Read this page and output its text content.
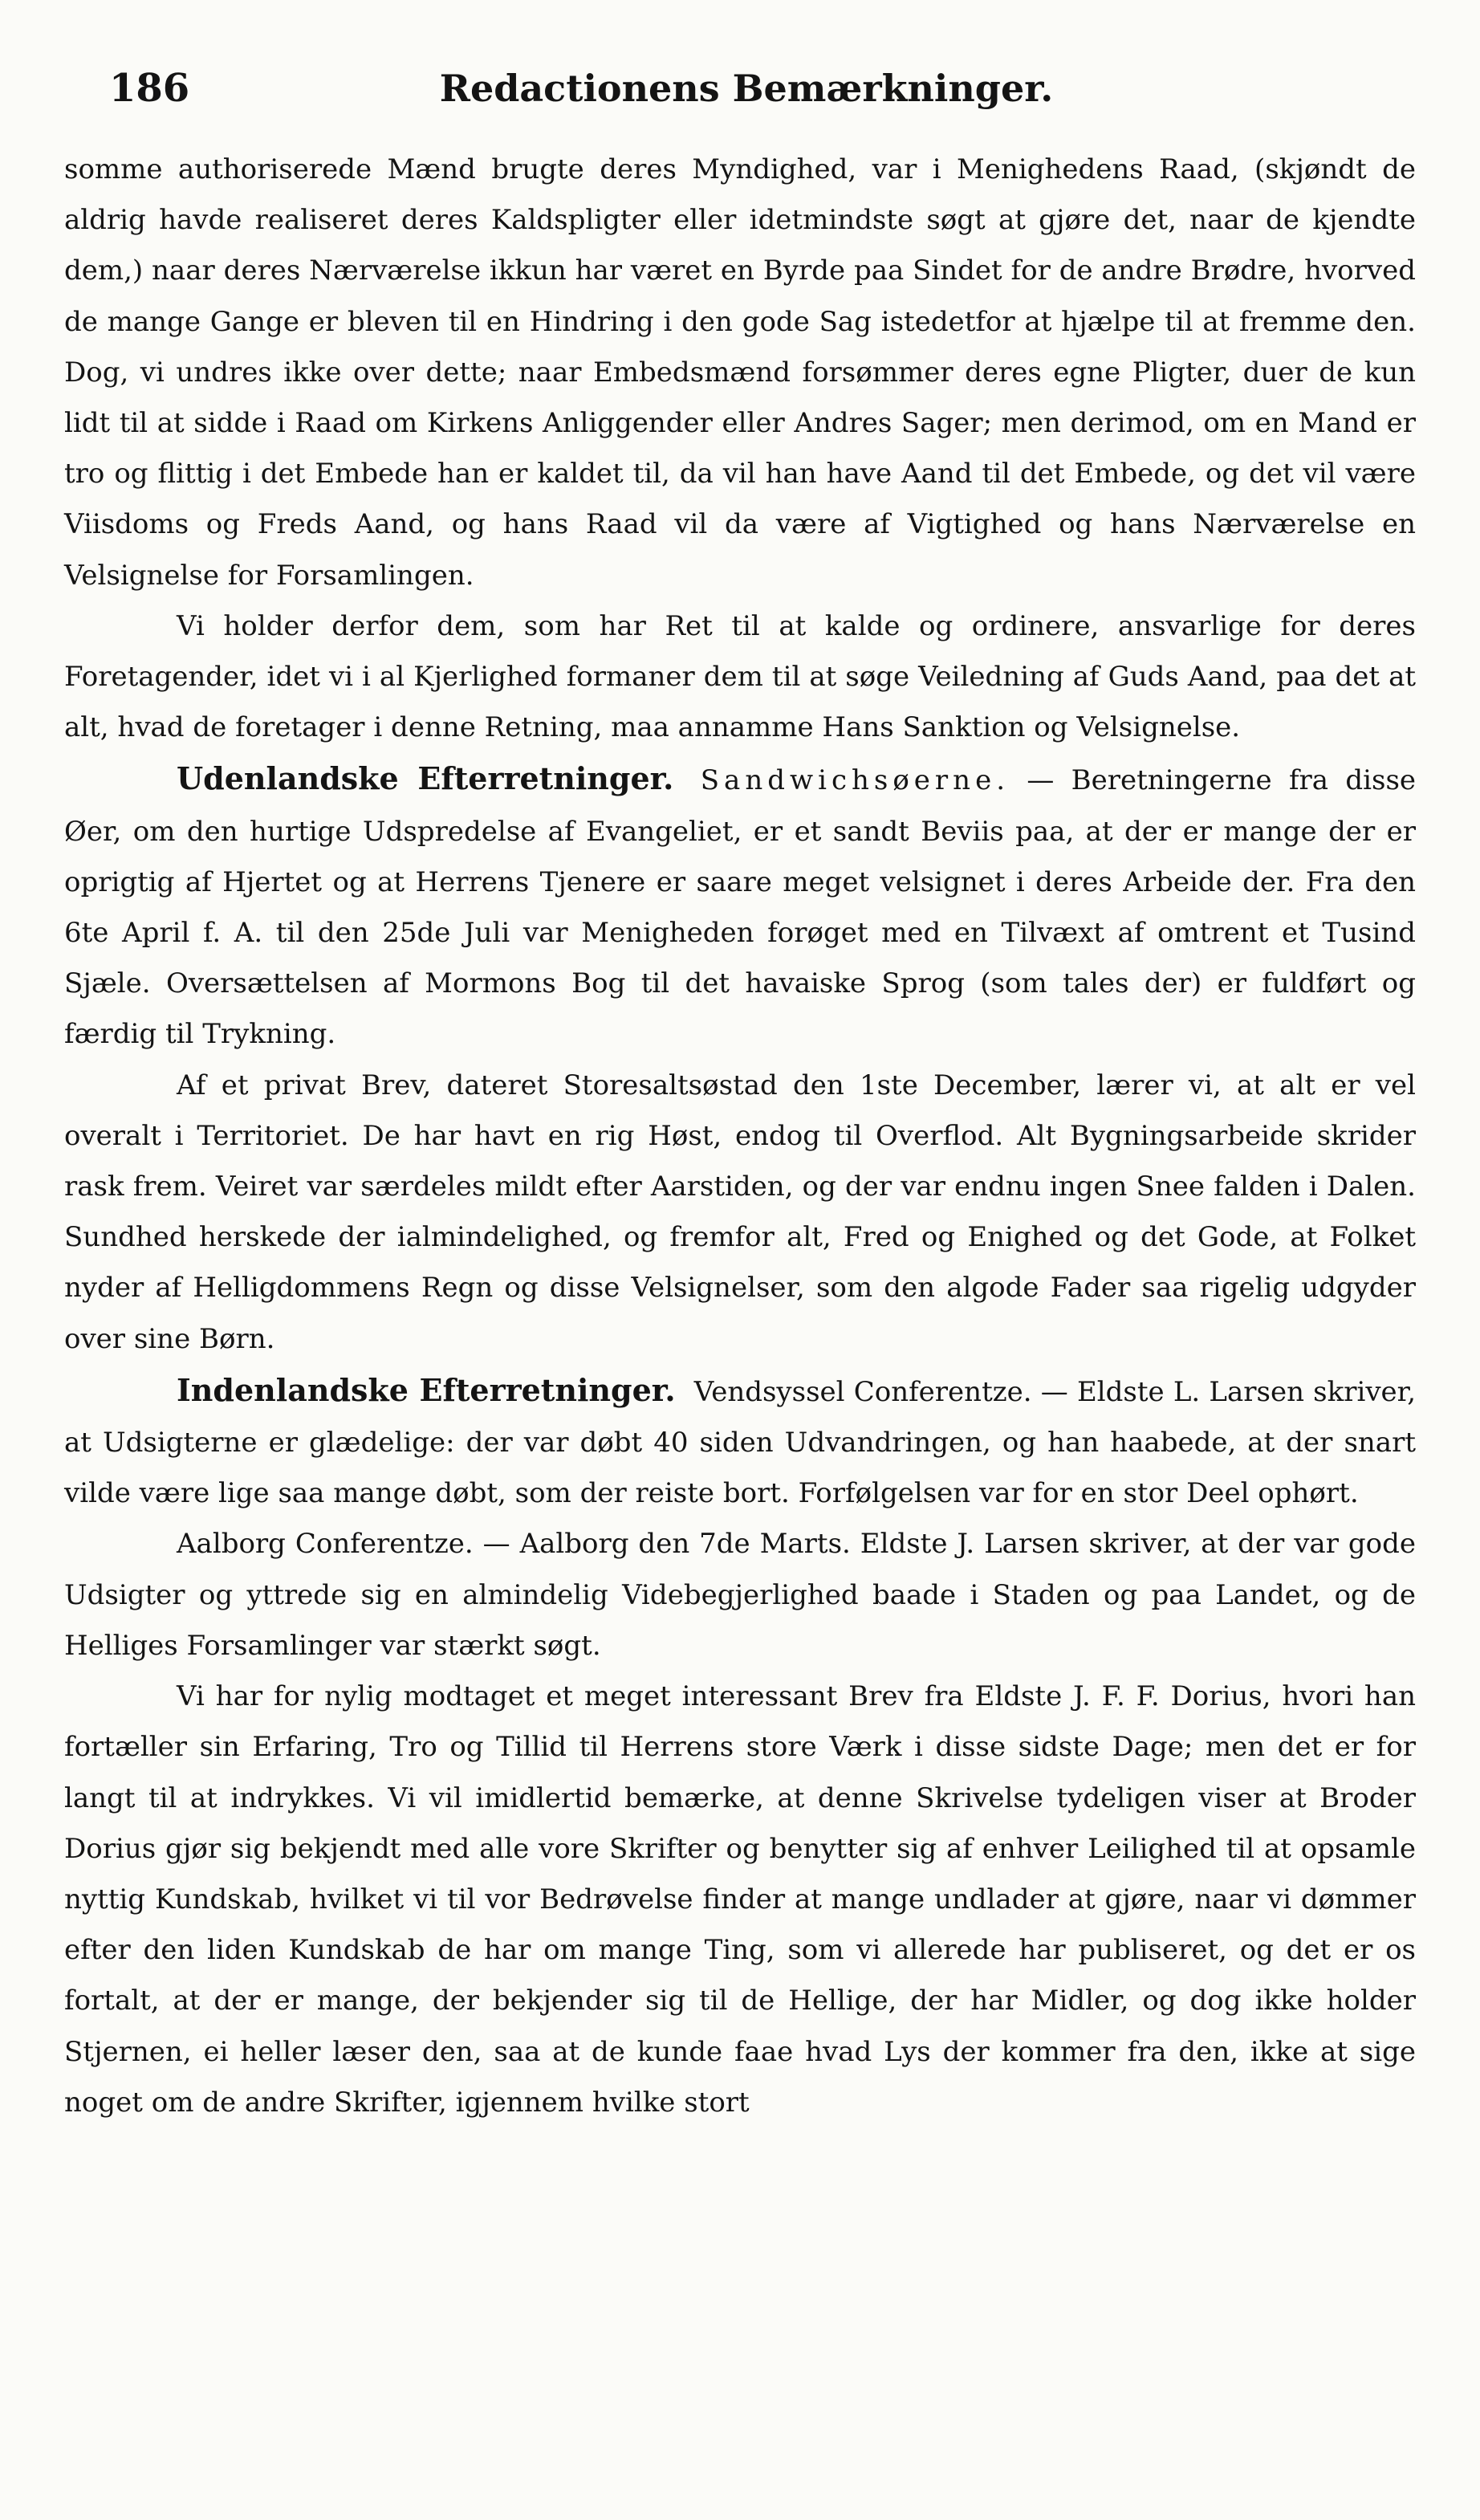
186	Redactionens Bemærkninger.

somme authoriserede Mænd brugte deres Myndighed, var i Menighedens Raad, (skjøndt de aldrig havde realiseret deres Kaldspligter eller idetmindste søgt at gjøre det, naar de kjendte dem,) naar deres Nærværelse ikkun har været en Byrde paa Sindet for de andre Brødre, hvorved de mange Gange er bleven til en Hindring i den gode Sag istedetfor at hjælpe til at fremme den. Dog, vi undres ikke over dette; naar Embedsmænd forsømmer deres egne Pligter, duer de kun lidt til at sidde i Raad om Kirkens Anliggender eller Andres Sager; men derimod, om en Mand er tro og flittig i det Embede han er kaldet til, da vil han have Aand til det Embede, og det vil være Viisdoms og Freds Aand, og hans Raad vil da være af Vigtighed og hans Nærværelse en Velsignelse for Forsamlingen.

Vi holder derfor dem, som har Ret til at kalde og ordinere, ansvarlige for deres Foretagender, idet vi i al Kjerlighed formaner dem til at søge Veiledning af Guds Aand, paa det at alt, hvad de foretager i denne Retning, maa annamme Hans Sanktion og Velsignelse.

Udenlandske Efterretninger. Sandwichsøerne. — Beretningerne fra disse Øer, om den hurtige Udspredelse af Evangeliet, er et sandt Beviis paa, at der er mange der er oprigtig af Hjertet og at Herrens Tjenere er saare meget velsignet i deres Arbeide der. Fra den 6te April f. A. til den 25de Juli var Menigheden forøget med en Tilvæxt af omtrent et Tusind Sjæle. Oversættelsen af Mormons Bog til det havaiske Sprog (som tales der) er fuldført og færdig til Trykning.

Af et privat Brev, dateret Storesaltsøstad den 1ste December, lærer vi, at alt er vel overalt i Territoriet. De har havt en rig Høst, endog til Overflod. Alt Bygningsarbeide skrider rask frem. Veiret var særdeles mildt efter Aarstiden, og der var endnu ingen Snee falden i Dalen. Sundhed herskede der ialmindelighed, og fremfor alt, Fred og Enighed og det Gode, at Folket nyder af Helligdommens Regn og disse Velsignelser, som den algode Fader saa rigelig udgyder over sine Børn.

Indenlandske Efterretninger. Vendsyssel Conferentze. — Eldste L. Larsen skriver, at Udsigterne er glædelige: der var døbt 40 siden Udvandringen, og han haabede, at der snart vilde være lige saa mange døbt, som der reiste bort. Forfølgelsen var for en stor Deel ophørt.

Aalborg Conferentze. — Aalborg den 7de Marts. Eldste J. Larsen skriver, at der var gode Udsigter og yttrede sig en almindelig Videbegjerlighed baade i Staden og paa Landet, og de Helliges Forsamlinger var stærkt søgt.

Vi har for nylig modtaget et meget interessant Brev fra Eldste J. F. F. Dorius, hvori han fortæller sin Erfaring, Tro og Tillid til Herrens store Værk i disse sidste Dage; men det er for langt til at indrykkes. Vi vil imidlertid bemærke, at denne Skrivelse tydeligen viser at Broder Dorius gjør sig bekjendt med alle vore Skrifter og benytter sig af enhver Leilighed til at opsamle nyttig Kundskab, hvilket vi til vor Bedrøvelse finder at mange undlader at gjøre, naar vi dømmer efter den liden Kundskab de har om mange Ting, som vi allerede har publiseret, og det er os fortalt, at der er mange, der bekjender sig til de Hellige, der har Midler, og dog ikke holder Stjernen, ei heller læser den, saa at de kunde faae hvad Lys der kommer fra den, ikke at sige noget om de andre Skrifter, igjennem hvilke stort
